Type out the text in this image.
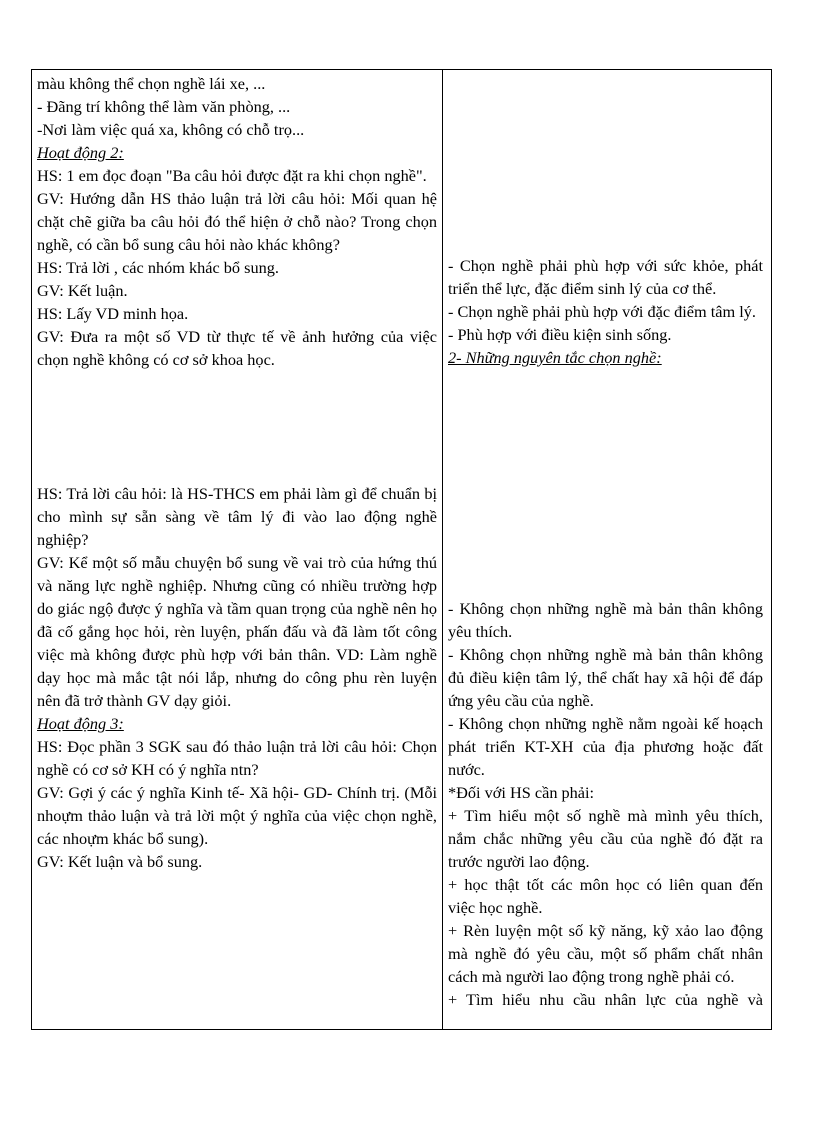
màu không thể chọn nghề lái xe, ...

- Đãng trí không thể làm văn phòng, ...

-Nơi làm việc quá xa, không có chỗ trọ...

Hoạt động 2:

HS: 1 em đọc đoạn "Ba câu hỏi được đặt ra khi chọn nghề".

GV: Hướng dẫn HS thảo luận trả lời câu hỏi: Mối quan hệ chặt chẽ giữa ba câu hỏi đó thể hiện ở chỗ nào? Trong chọn nghề, có cần bổ sung câu hỏi nào khác không?

HS: Trả lời , các nhóm khác bổ sung.

GV: Kết luận.

HS: Lấy VD minh họa.

GV: Đưa ra một số VD từ thực tế về ảnh hưởng của việc chọn nghề không có cơ sở khoa học.

HS: Trả lời câu hỏi: là HS-THCS em phải làm gì để chuẩn bị cho mình sự sẵn sàng về tâm lý đi vào lao động nghề nghiệp?

GV: Kể một số mẫu chuyện bổ sung về vai trò của hứng thú và năng lực nghề nghiệp. Nhưng cũng có nhiều trường hợp do giác ngộ được ý nghĩa và tầm quan trọng của nghề nên họ đã cố gắng học hỏi, rèn luyện, phấn đấu và đã làm tốt công việc mà không được phù hợp với bản thân. VD: Làm nghề dạy học mà mắc tật nói lắp, nhưng do công phu rèn luyện nên đã trở thành GV dạy giỏi.

Hoạt động 3:

HS: Đọc phần 3 SGK sau đó thảo luận trả lời câu hỏi: Chọn nghề có cơ sở KH có ý nghĩa ntn?

GV: Gợi ý các ý nghĩa Kinh tế- Xã hội- GD- Chính trị. (Mỗi nhoựm thảo luận và trả lời một ý nghĩa của việc chọn nghề, các nhoựm khác bổ sung).

GV: Kết luận và bổ sung.

- Chọn nghề phải phù hợp với sức khỏe, phát triển thể lực, đặc điểm sinh lý của cơ thể.

- Chọn nghề phải phù hợp với đặc điểm tâm lý.

- Phù hợp với điều kiện sinh sống.

2- Những nguyên tắc chọn nghề:

- Không chọn những nghề mà bản thân không yêu thích.

- Không chọn những nghề mà bản thân không đủ điều kiện tâm lý, thể chất hay xã hội để đáp ứng yêu cầu của nghề.

- Không chọn những nghề nằm ngoài kế hoạch phát triển KT-XH của địa phương hoặc đất nước.

*Đối với HS cần phải:

+ Tìm hiểu một số nghề mà mình yêu thích, nắm chắc những yêu cầu của nghề đó đặt ra trước người lao động.

+ học thật tốt các môn học có liên quan đến việc học nghề.

+ Rèn luyện một số kỹ năng, kỹ xảo lao động mà nghề đó yêu cầu, một số phẩm chất nhân cách mà người lao động trong nghề phải có.

+ Tìm hiểu nhu cầu nhân lực của nghề và
